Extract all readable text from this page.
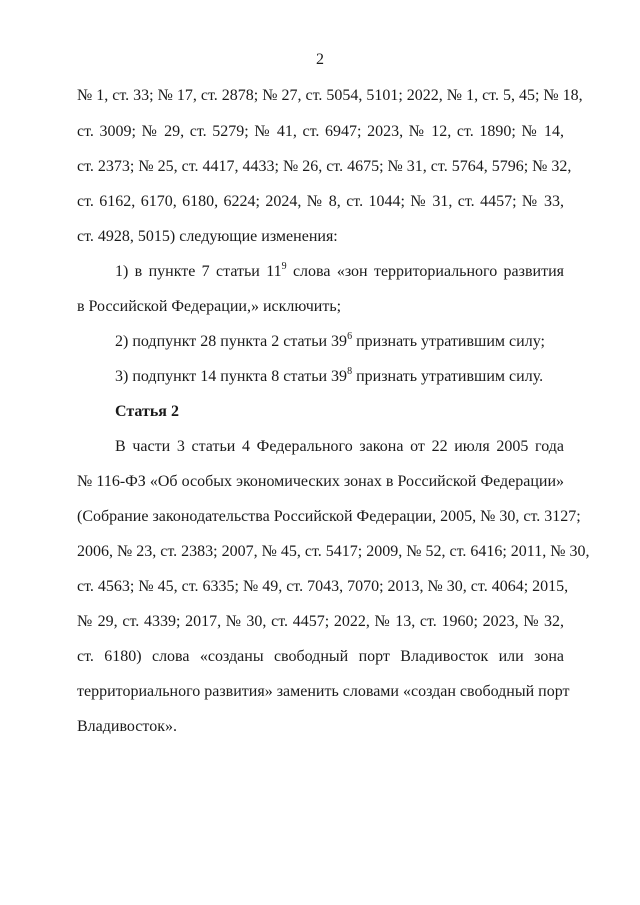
2
№ 1, ст. 33; № 17, ст. 2878; № 27, ст. 5054, 5101; 2022, № 1, ст. 5, 45; № 18,
ст. 3009; № 29, ст. 5279; № 41, ст. 6947; 2023, № 12, ст. 1890; № 14,
ст. 2373; № 25, ст. 4417, 4433; № 26, ст. 4675; № 31, ст. 5764, 5796; № 32,
ст. 6162, 6170, 6180, 6224; 2024, № 8, ст. 1044; № 31, ст. 4457; № 33,
ст. 4928, 5015) следующие изменения:
1) в пункте 7 статьи $11^9$ слова «зон территориального развития
в Российской Федерации,» исключить;
2) подпункт 28 пункта 2 статьи $39^6$ признать утратившим силу;
3) подпункт 14 пункта 8 статьи $39^8$ признать утратившим силу.
Статья 2
В части 3 статьи 4 Федерального закона от 22 июля 2005 года
№ 116-ФЗ «Об особых экономических зонах в Российской Федерации»
(Собрание законодательства Российской Федерации, 2005, № 30, ст. 3127;
2006, № 23, ст. 2383; 2007, № 45, ст. 5417; 2009, № 52, ст. 6416; 2011, № 30,
ст. 4563; № 45, ст. 6335; № 49, ст. 7043, 7070; 2013, № 30, ст. 4064; 2015,
№ 29, ст. 4339; 2017, № 30, ст. 4457; 2022, № 13, ст. 1960; 2023, № 32,
ст. 6180) слова «созданы свободный порт Владивосток или зона
территориального развития» заменить словами «создан свободный порт
Владивосток».
